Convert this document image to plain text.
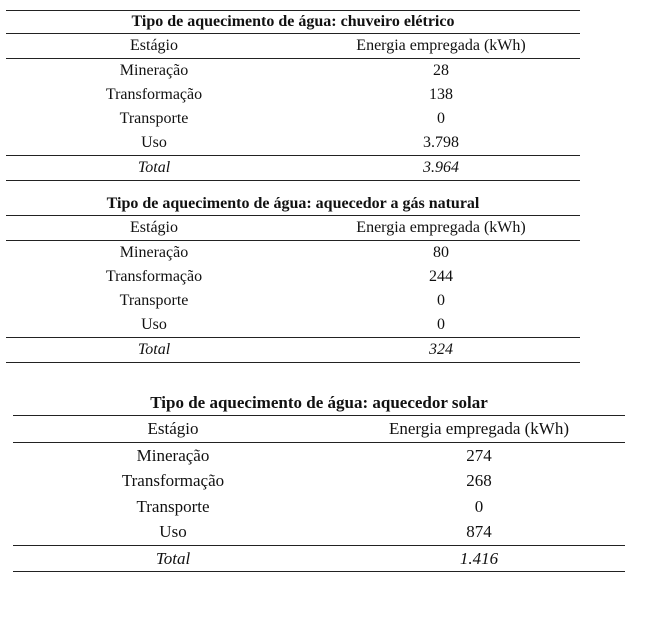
Tipo de aquecimento de água: chuveiro elétrico
Estágio	Energia empregada (kWh)
Mineração	28
Transformação	138
Transporte	0
Uso	3.798
Total	3.964
Tipo de aquecimento de água: aquecedor a gás natural
Estágio	Energia empregada (kWh)
Mineração	80
Transformação	244
Transporte	0
Uso	0
Total	324
Tipo de aquecimento de água: aquecedor solar
Estágio	Energia empregada (kWh)
Mineração	274
Transformação	268
Transporte	0
Uso	874
Total	1.416
